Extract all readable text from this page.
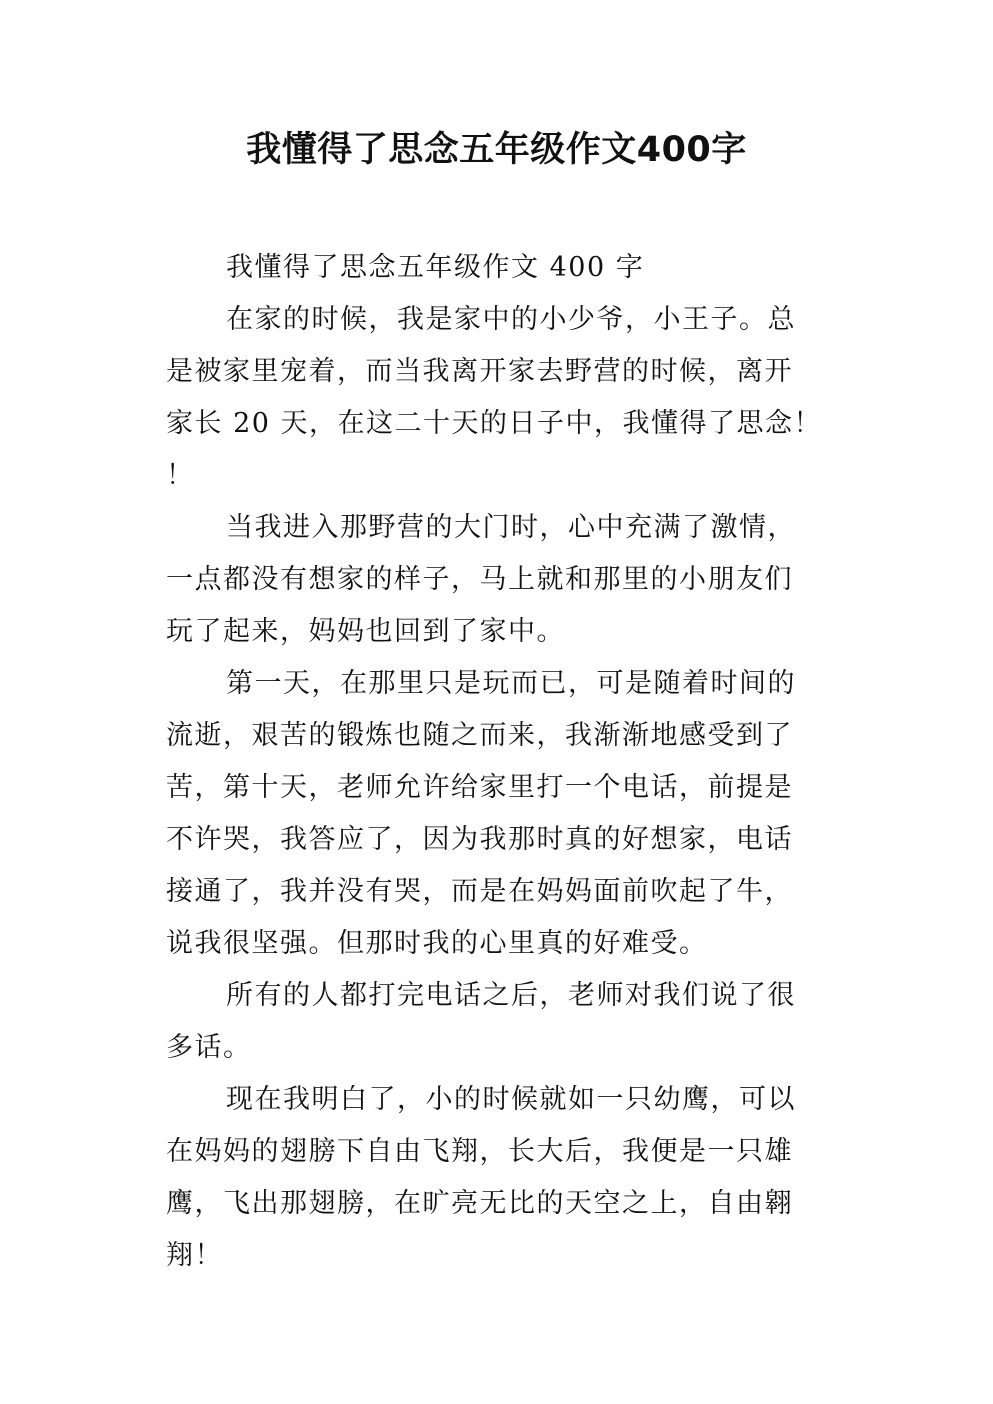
我懂得了思念五年级作文400字
我懂得了思念五年级作文 400 字
在家的时候，我是家中的小少爷，小王子。总
是被家里宠着，而当我离开家去野营的时候，离开
家长 20 天，在这二十天的日子中，我懂得了思念！
！
当我进入那野营的大门时，心中充满了激情，
一点都没有想家的样子，马上就和那里的小朋友们
玩了起来，妈妈也回到了家中。
第一天，在那里只是玩而已，可是随着时间的
流逝，艰苦的锻炼也随之而来，我渐渐地感受到了
苦，第十天，老师允许给家里打一个电话，前提是
不许哭，我答应了，因为我那时真的好想家，电话
接通了，我并没有哭，而是在妈妈面前吹起了牛，
说我很坚强。但那时我的心里真的好难受。
所有的人都打完电话之后，老师对我们说了很
多话。
现在我明白了，小的时候就如一只幼鹰，可以
在妈妈的翅膀下自由飞翔，长大后，我便是一只雄
鹰，飞出那翅膀，在旷亮无比的天空之上，自由翱
翔！
